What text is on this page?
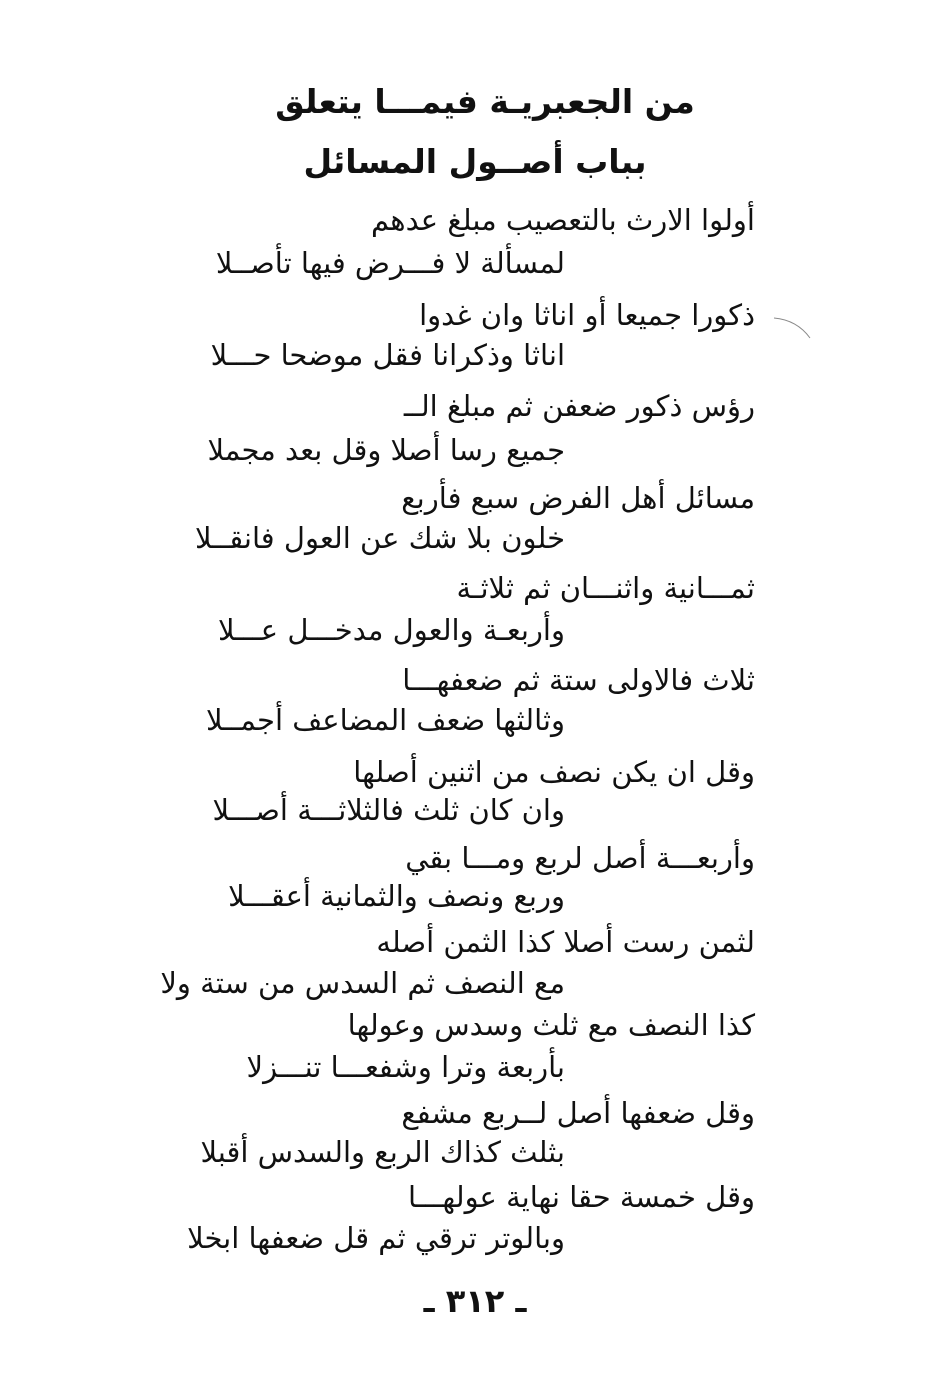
من الجعبريـة فيمـــا يتعلق
بباب أصــول المسائل
أولوا الارث بالتعصيب مبلغ عدهم
لمسألة لا فـــرض فيها تأصــلا
ذكورا جميعا أو اناثا وان غدوا
اناثا وذكرانا فقل موضحا حـــلا
رؤس ذكور ضعفن ثم مبلغ الــ
جميع رسا أصلا وقل بعد مجملا
مسائل أهل الفرض سبع فأربع
خلون بلا شك عن العول فانقــلا
ثمـــانية واثنـــان ثم ثلاثـة
وأربعـة والعول مدخـــل عـــلا
ثلاث فالاولى ستة ثم ضعفهـــا
وثالثها ضعف المضاعف أجمــلا
وقل ان يكن نصف من اثنين أصلها
وان كان ثلث فالثلاثـــة أصـــلا
وأربعـــة أصل لربع ومـــا بقي
وربع ونصف والثمانية أعقـــلا
لثمن رست أصلا كذا الثمن أصله
مع النصف ثم السدس من ستة ولا
كذا النصف مع ثلث وسدس وعولها
بأربعة وترا وشفعـــا تنـــزلا
وقل ضعفها أصل لــربع مشفع
بثلث كذاك الربع والسدس أقبلا
وقل خمسة حقا نهاية عولهـــا
وبالوتر ترقي ثم قل ضعفها ابخلا
ـ ٣١٢ ـ
